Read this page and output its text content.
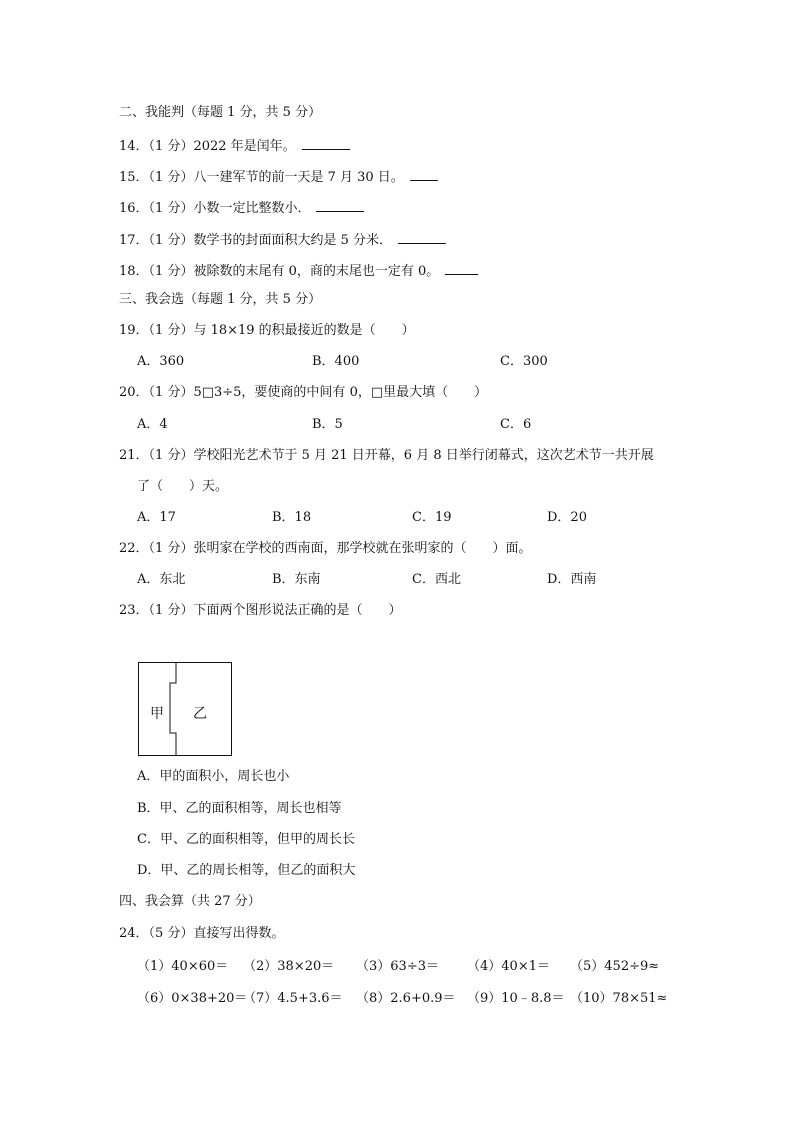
二、我能判（每题 1 分，共 5 分）
14．（1 分）2022 年是闰年。
15．（1 分）八一建军节的前一天是 7 月 30 日。
16．（1 分）小数一定比整数小．
17．（1 分）数学书的封面面积大约是 5 分米．
18．（1 分）被除数的末尾有 0，商的末尾也一定有 0。
三、我会选（每题 1 分，共 5 分）
19．（1 分）与 18×19 的积最接近的数是（　　）
A．360	B．400	C．300
20．（1 分）5□3÷5，要使商的中间有 0，□里最大填（　　）
A．4	B．5	C．6
21．（1 分）学校阳光艺术节于 5 月 21 日开幕，6 月 8 日举行闭幕式，这次艺术节一共开展
了（　　）天。
A．17	B．18	C．19	D．20
22．（1 分）张明家在学校的西南面，那学校就在张明家的（　　）面。
A．东北	B．东南	C．西北	D．西南
23．（1 分）下面两个图形说法正确的是（　　）
甲 乙
A．甲的面积小，周长也小
B．甲、乙的面积相等，周长也相等
C．甲、乙的面积相等，但甲的周长长
D．甲、乙的周长相等，但乙的面积大
四、我会算（共 27 分）
24．（5 分）直接写出得数。
（1）40×60＝ （2）38×20＝ （3）63÷3＝ （4）40×1＝ （5）452÷9≈
（6）0×38+20＝
（7）4.5+3.6＝ （8）2.6+0.9＝ （9）10﹣8.8＝ （10）78×51≈
